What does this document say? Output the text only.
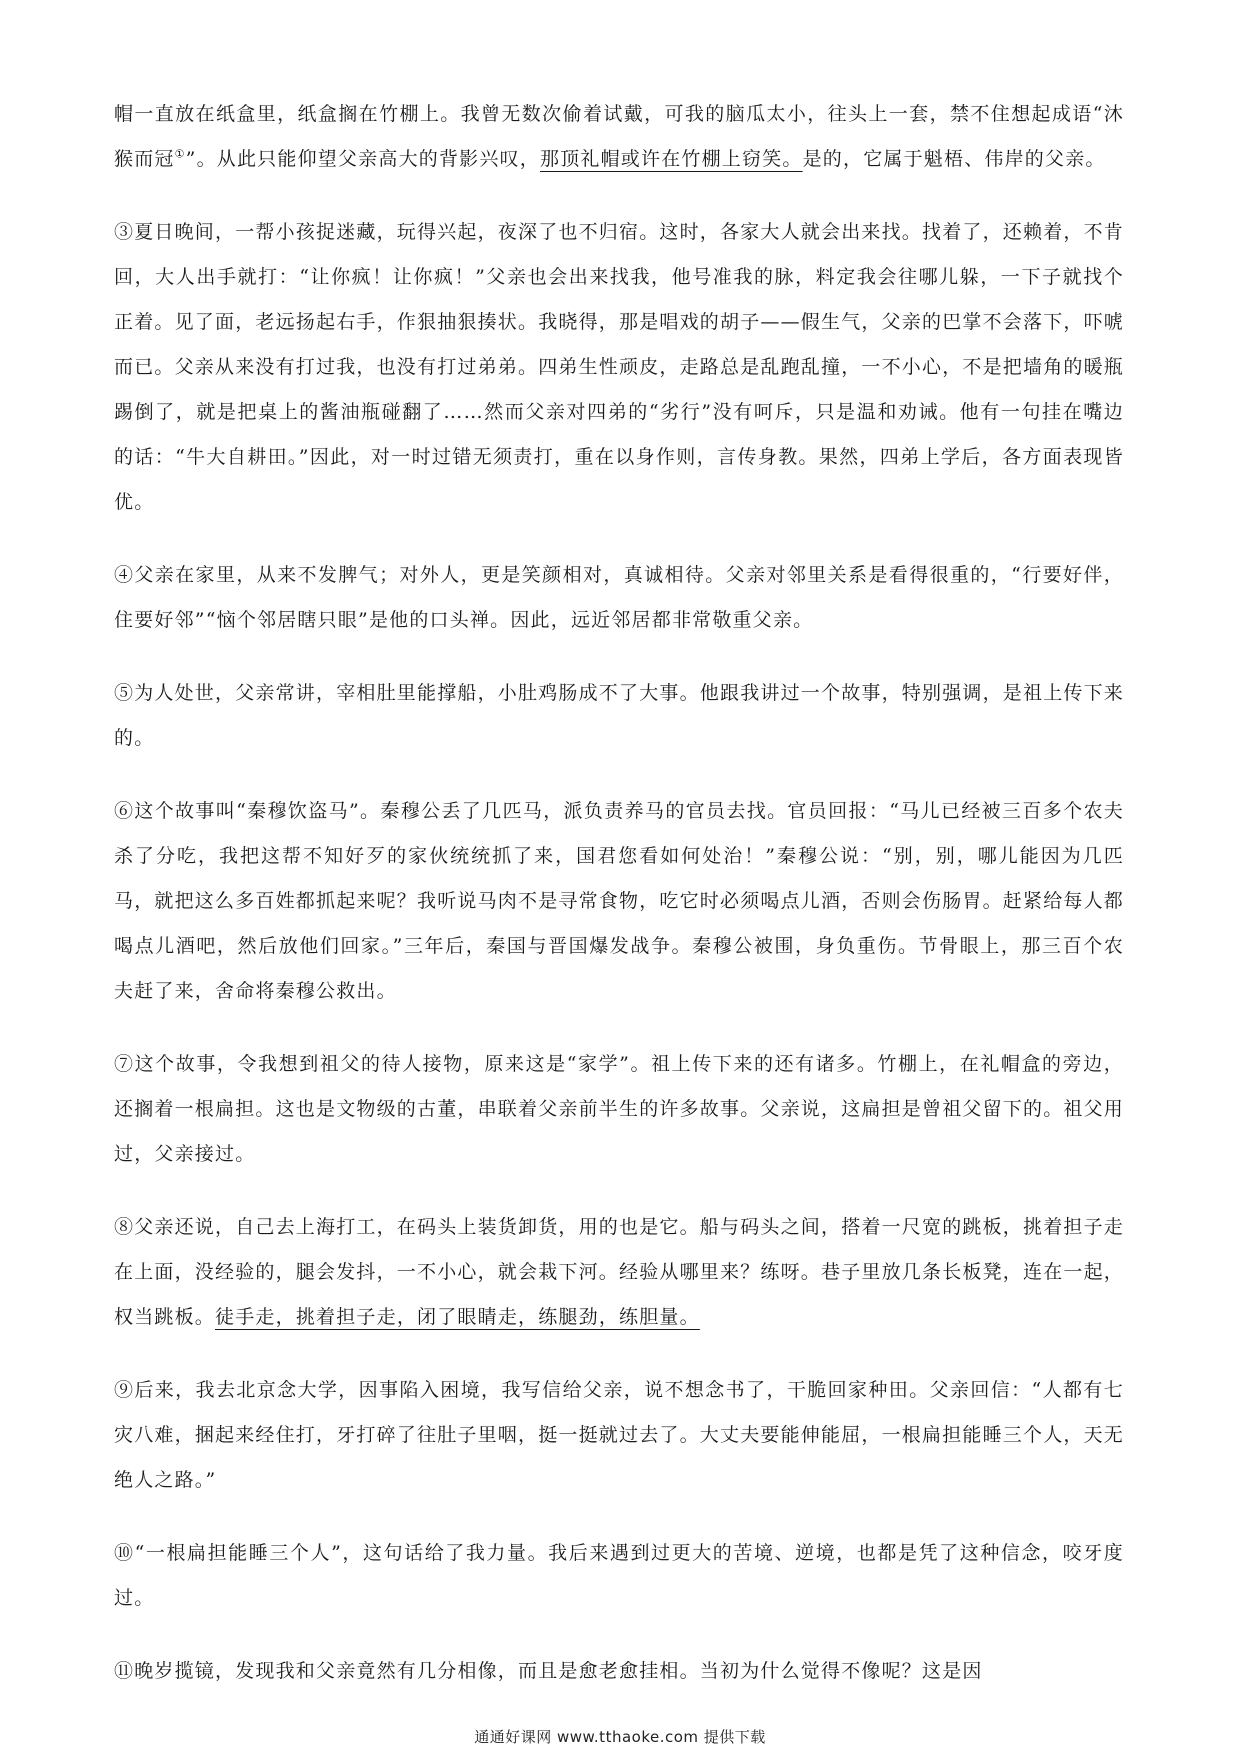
帽一直放在纸盒里，纸盒搁在竹棚上。我曾无数次偷着试戴，可我的脑瓜太小，往头上一套，禁不住想起成语“沐猴而冠①”。从此只能仰望父亲高大的背影兴叹，那顶礼帽或许在竹棚上窃笑。是的，它属于魁梧、伟岸的父亲。

③夏日晚间，一帮小孩捉迷藏，玩得兴起，夜深了也不归宿。这时，各家大人就会出来找。找着了，还赖着，不肯回，大人出手就打：“让你疯！让你疯！”父亲也会出来找我，他号准我的脉，料定我会往哪儿躲，一下子就找个正着。见了面，老远扬起右手，作狠抽狠揍状。我晓得，那是唱戏的胡子——假生气，父亲的巴掌不会落下，吓唬而已。父亲从来没有打过我，也没有打过弟弟。四弟生性顽皮，走路总是乱跑乱撞，一不小心，不是把墙角的暖瓶踢倒了，就是把桌上的酱油瓶碰翻了……然而父亲对四弟的“劣行”没有呵斥，只是温和劝诫。他有一句挂在嘴边的话：“牛大自耕田。”因此，对一时过错无须责打，重在以身作则，言传身教。果然，四弟上学后，各方面表现皆优。

④父亲在家里，从来不发脾气；对外人，更是笑颜相对，真诚相待。父亲对邻里关系是看得很重的，“行要好伴，住要好邻”“恼个邻居瞎只眼”是他的口头禅。因此，远近邻居都非常敬重父亲。

⑤为人处世，父亲常讲，宰相肚里能撑船，小肚鸡肠成不了大事。他跟我讲过一个故事，特别强调，是祖上传下来的。

⑥这个故事叫“秦穆饮盗马”。秦穆公丢了几匹马，派负责养马的官员去找。官员回报：“马儿已经被三百多个农夫杀了分吃，我把这帮不知好歹的家伙统统抓了来，国君您看如何处治！”秦穆公说：“别，别，哪儿能因为几匹马，就把这么多百姓都抓起来呢？我听说马肉不是寻常食物，吃它时必须喝点儿酒，否则会伤肠胃。赶紧给每人都喝点儿酒吧，然后放他们回家。”三年后，秦国与晋国爆发战争。秦穆公被围，身负重伤。节骨眼上，那三百个农夫赶了来，舍命将秦穆公救出。

⑦这个故事，令我想到祖父的待人接物，原来这是“家学”。祖上传下来的还有诸多。竹棚上，在礼帽盒的旁边，还搁着一根扁担。这也是文物级的古董，串联着父亲前半生的许多故事。父亲说，这扁担是曾祖父留下的。祖父用过，父亲接过。

⑧父亲还说，自己去上海打工，在码头上装货卸货，用的也是它。船与码头之间，搭着一尺宽的跳板，挑着担子走在上面，没经验的，腿会发抖，一不小心，就会栽下河。经验从哪里来？练呀。巷子里放几条长板凳，连在一起，权当跳板。徒手走，挑着担子走，闭了眼睛走，练腿劲，练胆量。

⑨后来，我去北京念大学，因事陷入困境，我写信给父亲，说不想念书了，干脆回家种田。父亲回信：“人都有七灾八难，捆起来经住打，牙打碎了往肚子里咽，挺一挺就过去了。大丈夫要能伸能屈，一根扁担能睡三个人，天无绝人之路。”

⑩“一根扁担能睡三个人”，这句话给了我力量。我后来遇到过更大的苦境、逆境，也都是凭了这种信念，咬牙度过。

⑪晚岁揽镜，发现我和父亲竟然有几分相像，而且是愈老愈挂相。当初为什么觉得不像呢？这是因

通通好课网 www.tthaoke.com 提供下载
